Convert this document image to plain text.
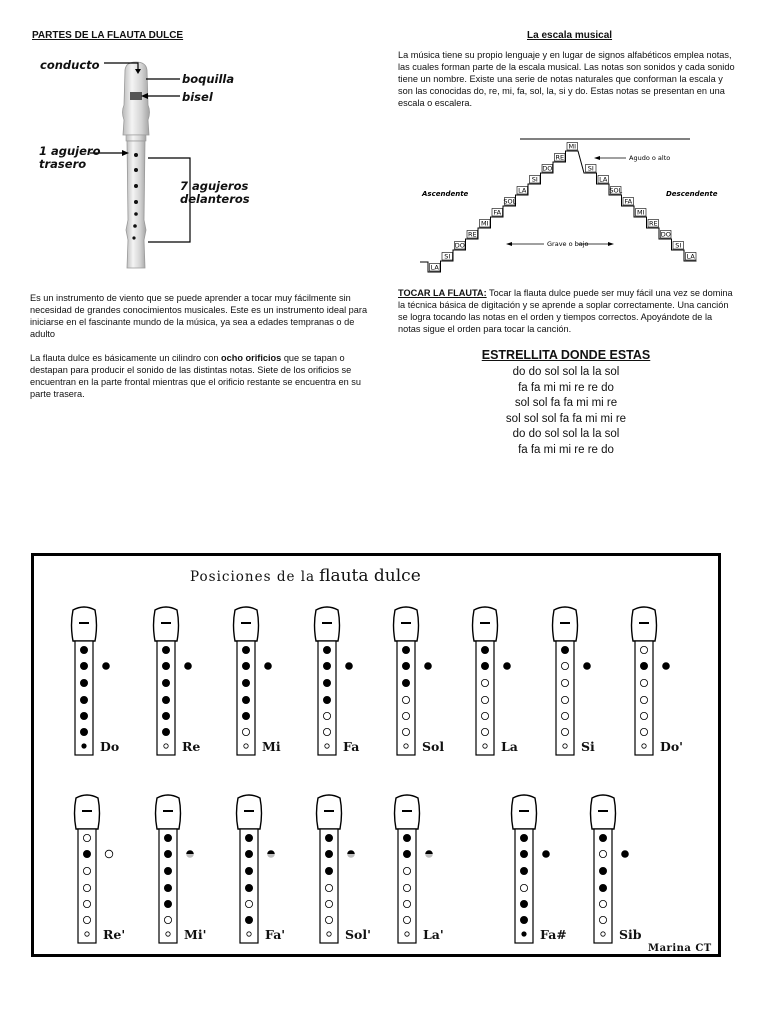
PARTES DE LA FLAUTA DULCE
conducto
boquilla
bisel
1 agujero
trasero
7 agujeros
delanteros
Es un instrumento de viento que se puede aprender a tocar muy fácilmente sin necesidad de grandes conocimientos musicales. Este es un instrumento ideal para iniciarse en el fascinante mundo de la música, ya sea a edades tempranas o de adulto
La flauta dulce es básicamente un cilindro con ocho orificios que se tapan o destapan para producir el sonido de las distintas notas. Siete de los orificios se encuentran en la parte frontal mientras que el orificio restante se encuentra en su parte trasera.
La escala musical
La música tiene su propio lenguaje y en lugar de signos alfabéticos emplea notas, las cuales forman parte de la escala musical. Las notas son sonidos y cada sonido tiene un nombre. Existe una serie de notas naturales que conforman la escala y son las conocidas do, re, mi, fa, sol, la, si y do. Estas notas se presentan en una escala o escalera.
LA
SI
DO
RE
MI
FA
SOL
LA
SI
DO
RE
MI
SI
LA
SOL
FA
MI
RE
DO
SI
LA
Ascendente	Descendente
Agudo o alto
Grave o bajo
TOCAR LA FLAUTA: Tocar la flauta dulce puede ser muy fácil una vez se domina la técnica básica de digitación y se aprende a soplar correctamente. Una canción se logra tocando las notas en el orden y tiempos correctos. Apoyándote de la notas sigue el orden para tocar la canción.
ESTRELLITA DONDE ESTAS
do do sol sol la la sol
fa fa mi mi re re do
sol sol fa fa mi mi re
sol sol sol fa fa mi mi re
do do sol sol la la sol
fa fa mi mi re re do
Posiciones de la flauta dulce
Do	Re	Mi	Fa	Sol	La	Si	Do'
Re'	Mi'	Fa'	Sol'	La'	Fa#	Sib
Marina CT
